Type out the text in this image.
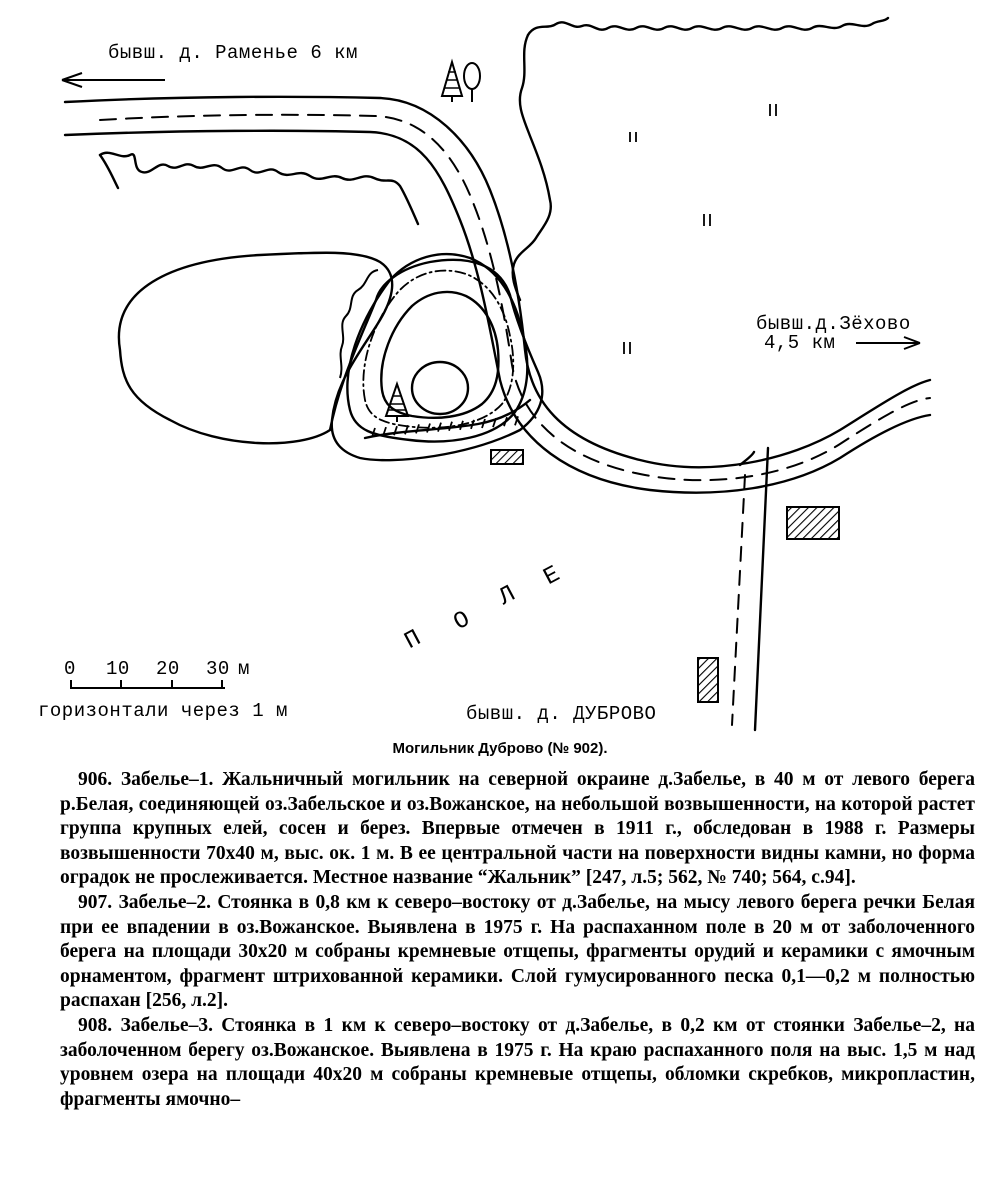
бывш. д. Раменье 6 км
бывш.д.Зёхово
4,5 км
бывш. д. ДУБРОВО
П
О
Л
Е
0 10 20 30 м
горизонтали через 1 м
Могильник Дуброво (№ 902).

906. Забелье–1. Жальничный могильник на северной окраине д.Забелье, в 40 м от левого берега р.Белая, соединяющей оз.Забельское и оз.Вожанское, на небольшой возвышенности, на которой растет группа крупных елей, сосен и берез. Впервые отмечен в 1911 г., обследован в 1988 г. Размеры возвышенности 70х40 м, выс. ок. 1 м. В ее центральной части на поверхности видны камни, но форма оградок не прослеживается. Местное название “Жальник” [247, л.5; 562, № 740; 564, с.94].

907. Забелье–2. Стоянка в 0,8 км к северо–востоку от д.Забелье, на мысу левого берега речки Белая при ее впадении в оз.Вожанское. Выявлена в 1975 г. На распаханном поле в 20 м от заболоченного берега на площади 30х20 м собраны кремневые отщепы, фрагменты орудий и керамики с ямочным орнаментом, фрагмент штрихованной керамики. Слой гумусированного песка 0,1—0,2 м полностью распахан [256, л.2].

908. Забелье–3. Стоянка в 1 км к северо–востоку от д.Забелье, в 0,2 км от стоянки Забелье–2, на заболоченном берегу оз.Вожанское. Выявлена в 1975 г. На краю распаханного поля на выс. 1,5 м над уровнем озера на площади 40х20 м собраны кремневые отщепы, обломки скребков, микропластин, фрагменты ямочно–
